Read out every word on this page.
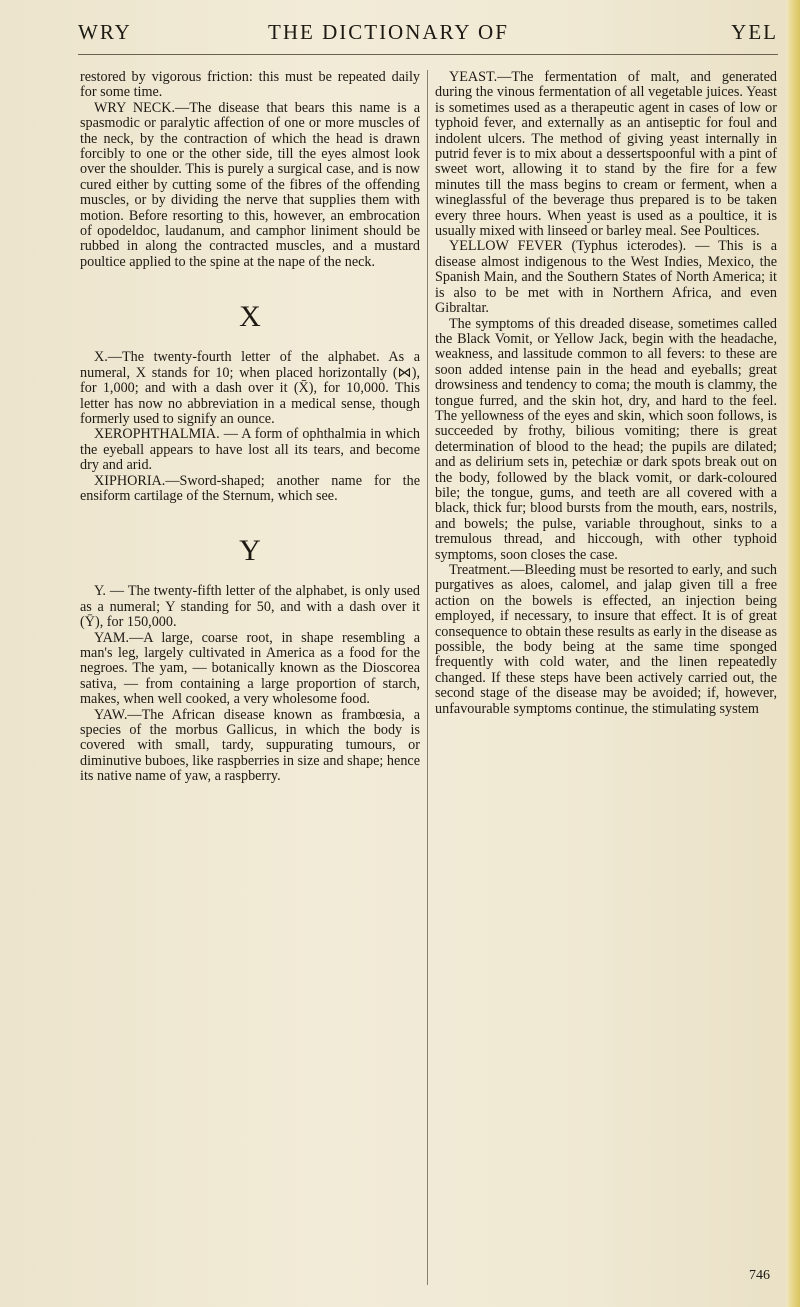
WRY	THE DICTIONARY OF	YEL

restored by vigorous friction: this must be repeated daily for some time.

WRY NECK.—The disease that bears this name is a spasmodic or paralytic affection of one or more muscles of the neck, by the contraction of which the head is drawn forcibly to one or the other side, till the eyes almost look over the shoulder. This is purely a surgical case, and is now cured either by cutting some of the fibres of the offending muscles, or by dividing the nerve that supplies them with motion. Before resorting to this, however, an embrocation of opodeldoc, laudanum, and camphor liniment should be rubbed in along the contracted muscles, and a mustard poultice applied to the spine at the nape of the neck.

X

X.—The twenty-fourth letter of the alphabet. As a numeral, X stands for 10; when placed horizontally (⋈), for 1,000; and with a dash over it (X̄), for 10,000. This letter has now no abbreviation in a medical sense, though formerly used to signify an ounce.

XEROPHTHALMIA. — A form of ophthalmia in which the eyeball appears to have lost all its tears, and become dry and arid.

XIPHORIA.—Sword-shaped; another name for the ensiform cartilage of the Sternum, which see.

Y

Y. — The twenty-fifth letter of the alphabet, is only used as a numeral; Y standing for 50, and with a dash over it (Ȳ), for 150,000.

YAM.—A large, coarse root, in shape resembling a man's leg, largely cultivated in America as a food for the negroes. The yam, — botanically known as the Dioscorea sativa, — from containing a large proportion of starch, makes, when well cooked, a very wholesome food.

YAW.—The African disease known as frambœsia, a species of the morbus Gallicus, in which the body is covered with small, tardy, suppurating tumours, or diminutive buboes, like raspberries in size and shape; hence its native name of yaw, a raspberry.

YEAST.—The fermentation of malt, and generated during the vinous fermentation of all vegetable juices. Yeast is sometimes used as a therapeutic agent in cases of low or typhoid fever, and externally as an antiseptic for foul and indolent ulcers. The method of giving yeast internally in putrid fever is to mix about a dessertspoonful with a pint of sweet wort, allowing it to stand by the fire for a few minutes till the mass begins to cream or ferment, when a wineglassful of the beverage thus prepared is to be taken every three hours. When yeast is used as a poultice, it is usually mixed with linseed or barley meal. See Poultices.

YELLOW FEVER (Typhus icterodes). — This is a disease almost indigenous to the West Indies, Mexico, the Spanish Main, and the Southern States of North America; it is also to be met with in Northern Africa, and even Gibraltar.

The symptoms of this dreaded disease, sometimes called the Black Vomit, or Yellow Jack, begin with the headache, weakness, and lassitude common to all fevers: to these are soon added intense pain in the head and eyeballs; great drowsiness and tendency to coma; the mouth is clammy, the tongue furred, and the skin hot, dry, and hard to the feel. The yellowness of the eyes and skin, which soon follows, is succeeded by frothy, bilious vomiting; there is great determination of blood to the head; the pupils are dilated; and as delirium sets in, petechiæ or dark spots break out on the body, followed by the black vomit, or dark-coloured bile; the tongue, gums, and teeth are all covered with a black, thick fur; blood bursts from the mouth, ears, nostrils, and bowels; the pulse, variable throughout, sinks to a tremulous thread, and hiccough, with other typhoid symptoms, soon closes the case.

Treatment.—Bleeding must be resorted to early, and such purgatives as aloes, calomel, and jalap given till a free action on the bowels is effected, an injection being employed, if necessary, to insure that effect. It is of great consequence to obtain these results as early in the disease as possible, the body being at the same time sponged frequently with cold water, and the linen repeatedly changed. If these steps have been actively carried out, the second stage of the disease may be avoided; if, however, unfavourable symptoms continue, the stimulating system

746
